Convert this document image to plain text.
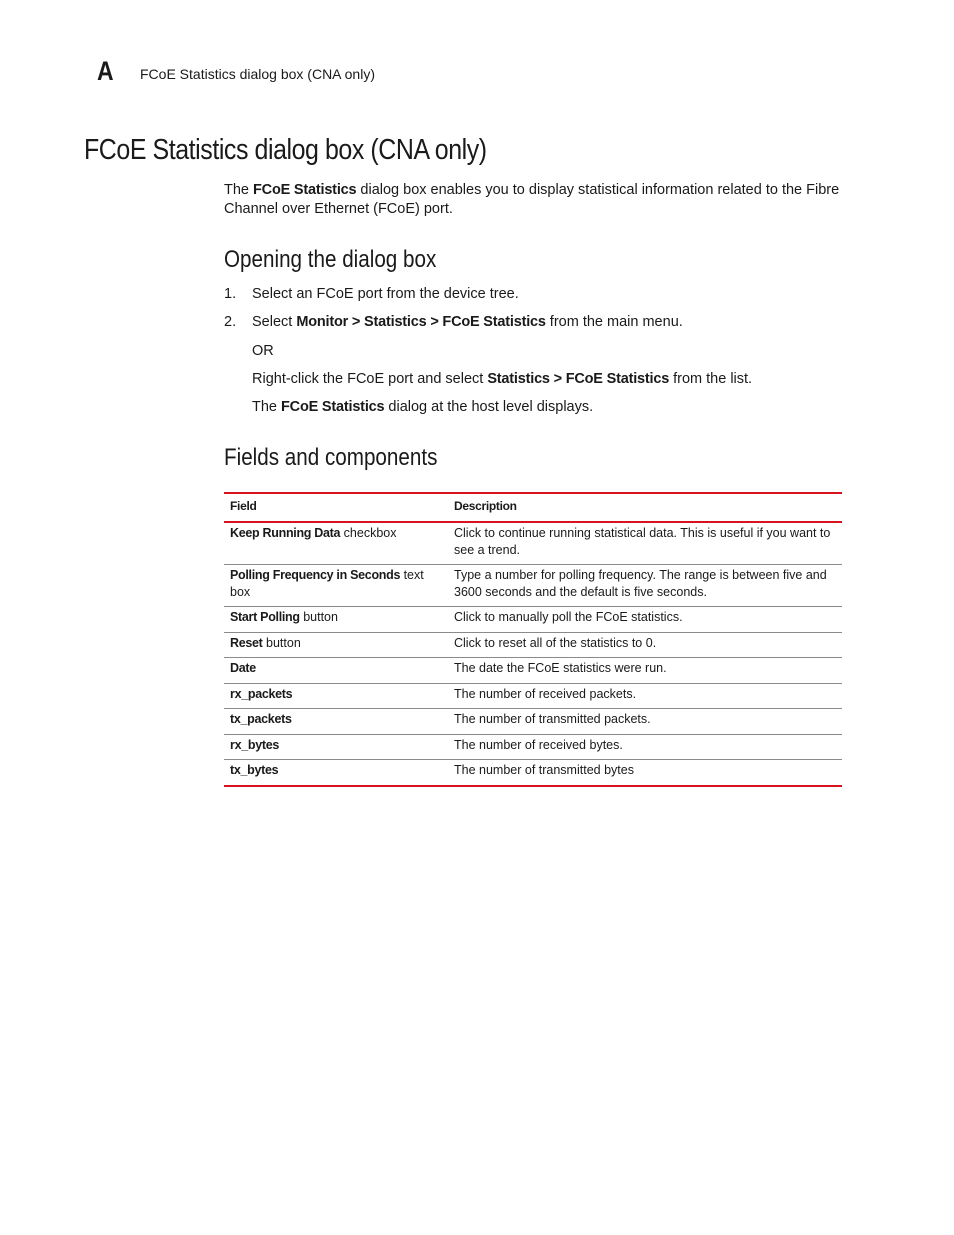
A FCoE Statistics dialog box (CNA only)
FCoE Statistics dialog box (CNA only)

The FCoE Statistics dialog box enables you to display statistical information related to the Fibre Channel over Ethernet (FCoE) port.

Opening the dialog box
1. Select an FCoE port from the device tree.
2. Select Monitor > Statistics > FCoE Statistics from the main menu.
OR
Right-click the FCoE port and select Statistics > FCoE Statistics from the list.
The FCoE Statistics dialog at the host level displays.
Fields and components
Field	Description
Keep Running Data checkbox	Click to continue running statistical data. This is useful if you want to see a trend.
Polling Frequency in Seconds text box	Type a number for polling frequency. The range is between five and 3600 seconds and the default is five seconds.
Start Polling button	Click to manually poll the FCoE statistics.
Reset button	Click to reset all of the statistics to 0.
Date	The date the FCoE statistics were run.
rx_packets	The number of received packets.
tx_packets	The number of transmitted packets.
rx_bytes	The number of received bytes.
tx_bytes	The number of transmitted bytes
